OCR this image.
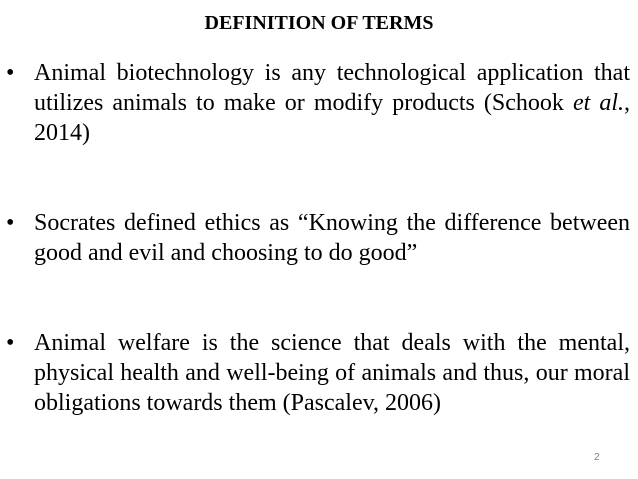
DEFINITION OF TERMS
• Animal biotechnology is any technological application that utilizes animals to make or modify products (Schook et al., 2014)
• Socrates defined ethics as “Knowing the difference between good and evil and choosing to do good”
• Animal welfare is the science that deals with the mental, physical health and well-being of animals and thus, our moral obligations towards them (Pascalev, 2006)
2
